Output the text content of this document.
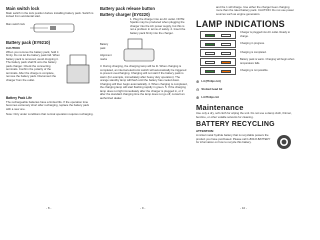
Main switch lock
Main switch in the lock position before installing battery pack. Switch is locked from accidental start.
Main switch lock
Battery pack (EY9210)
CAUTION
When you remove the battery pack, hold it firmly. Do not let the battery pack fall. When battery pack is removed, avoid dropping it. The battery pack shall fit onto the battery pack charger. Check the connecting terminals. Confirm the polarity of the terminals. After the charge is complete, remove the battery pack. Disconnect the charger from the outlet.
Battery Pack Life
The rechargeable batteries have a limited life. If the operation time becomes extremely short after recharging, replace the battery pack with a new one.
Note: Only under conditions that normal operation requires recharging.
- 8 -
Battery pack release button
Battery charger (EY0220)
1. Plug the charger into an AC outlet. NOTE: Sparks may be produced when plugging the charger into the AC power supply, but this is not a problem in terms of safety. 2. Insert the battery pack firmly into the charger.
Battery pack
Alignment marks
3. During charging, the charging lamp will be lit. When charging is completed, an internal electronic switch will automatically be triggered to prevent overcharging. Charging will not start if the battery pack is warm (for example, immediately after heavy duty operation). The orange standby lamp will flash until the battery has cooled down. Charging will then begin automatically. 4. When charging is completed, the charging lamp will start flashing rapidly in green. 5. If the charging lamp does not light immediately after the charger is plugged in, or if after the standard charging time the lamp does not go off, consult an authorized dealer.
- 9 -
and the 1 will charge. Use either the charger been charging more than the rated battery pack. CAUTION: Do not use power sources such as engine generators.
LAMP INDICATIONS
Charger is plugged into AC outlet. Ready to charge.
Charging in progress.
Charging is completed.
Battery pack is warm. Charging will begin when temperature falls.
Charging is not possible.
⊕ Lit (Philips bit)
⊖ Slotted head bit
⊕ Lit Philips bit
Maintenance
Use only a dry, soft cloth for wiping the unit. Do not use a damp cloth, thinner, benzine, or other volatile solvents for cleaning.
BATTERY RECYCLING
ATTENTION:
A nickel metal hydride battery that is recyclable powers the product you have purchased. Please call 1-800-8-BATTERY for information on how to recycle this battery.
- 10 -
